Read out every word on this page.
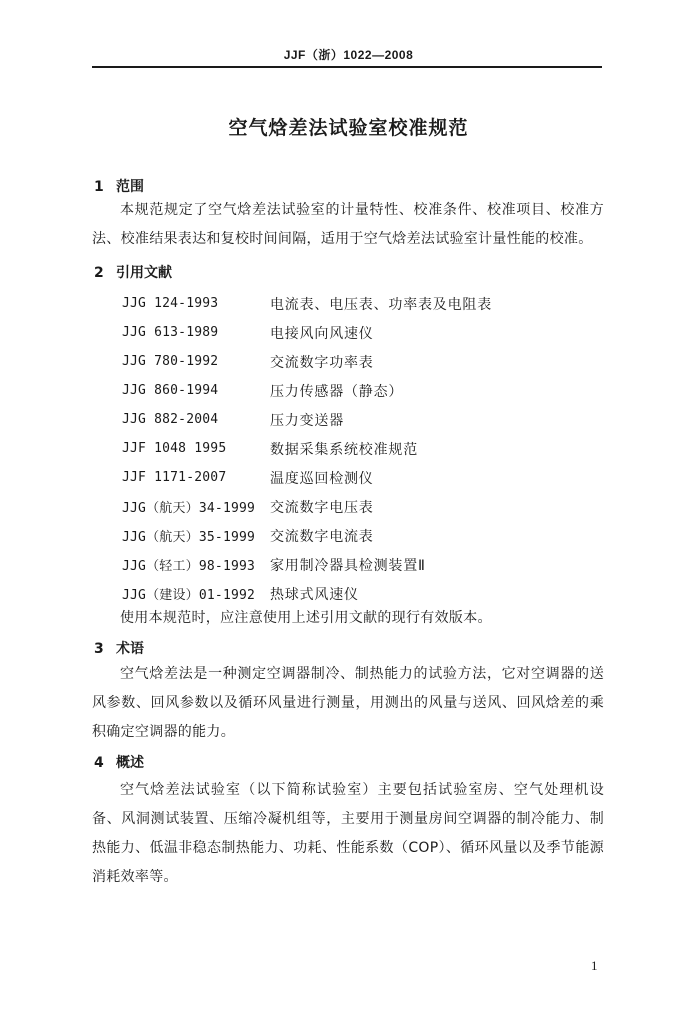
JJF（浙）1022—2008
空气焓差法试验室校准规范
1 范围
本规范规定了空气焓差法试验室的计量特性、校准条件、校准项目、校准方法、校准结果表达和复校时间间隔，适用于空气焓差法试验室计量性能的校准。
2 引用文献
JJG 124-1993	电流表、电压表、功率表及电阻表
JJG 613-1989	电接风向风速仪
JJG 780-1992	交流数字功率表
JJG 860-1994	压力传感器（静态）
JJG 882-2004	压力变送器
JJF 1048 1995	数据采集系统校准规范
JJF 1171-2007	温度巡回检测仪
JJG（航天）34-1999	交流数字电压表
JJG（航天）35-1999	交流数字电流表
JJG（轻工）98-1993	家用制冷器具检测装置Ⅱ
JJG（建设）01-1992	热球式风速仪
使用本规范时，应注意使用上述引用文献的现行有效版本。
3 术语
空气焓差法是一种测定空调器制冷、制热能力的试验方法，它对空调器的送风参数、回风参数以及循环风量进行测量，用测出的风量与送风、回风焓差的乘积确定空调器的能力。
4 概述
空气焓差法试验室（以下简称试验室）主要包括试验室房、空气处理机设备、风洞测试装置、压缩冷凝机组等，主要用于测量房间空调器的制冷能力、制热能力、低温非稳态制热能力、功耗、性能系数（COP）、循环风量以及季节能源消耗效率等。
1
